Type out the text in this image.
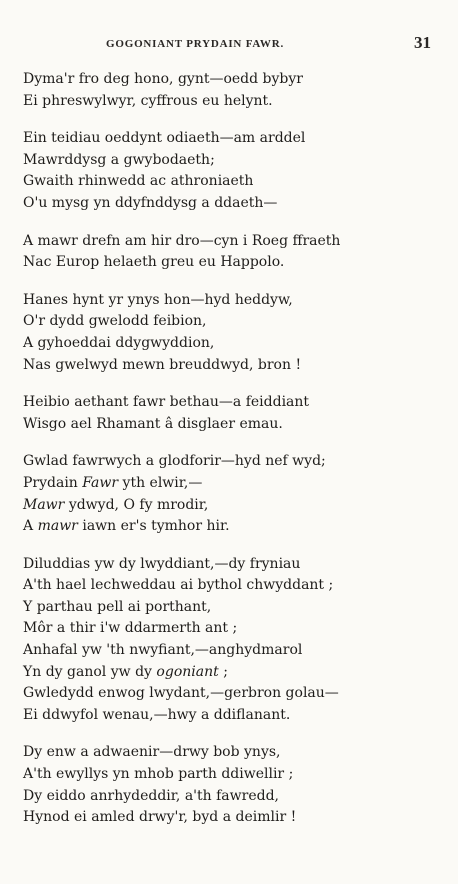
GOGONIANT PRYDAIN FAWR.	31
Dyma'r fro deg hono, gynt—oedd bybyr
Ei phreswylwyr, cyffrous eu helynt.
Ein teidiau oeddynt odiaeth—am arddel
Mawrddysg a gwybodaeth;
Gwaith rhinwedd ac athroniaeth
O'u mysg yn ddyfnddysg a ddaeth—
A mawr drefn am hir dro—cyn i Roeg ffraeth
Nac Europ helaeth greu eu Happolo.
Hanes hynt yr ynys hon—hyd heddyw,
O'r dydd gwelodd feibion,
A gyhoeddai ddygwyddion,
Nas gwelwyd mewn breuddwyd, bron !
Heibio aethant fawr bethau—a feiddiant
Wisgo ael Rhamant â disglaer emau.
Gwlad fawrwych a glodforir—hyd nef wyd;
Prydain Fawr yth elwir,—
Mawr ydwyd, O fy mrodir,
A mawr iawn er's tymhor hir.
Diluddias yw dy lwyddiant,—dy fryniau
A'th hael lechweddau ai bythol chwyddant ;
Y parthau pell ai porthant,
Môr a thir i'w ddarmerth ant ;
Anhafal yw 'th nwyfiant,—anghydmarol
Yn dy ganol yw dy ogoniant ;
Gwledydd enwog lwydant,—gerbron golau—
Ei ddwyfol wenau,—hwy a ddiflanant.
Dy enw a adwaenir—drwy bob ynys,
A'th ewyllys yn mhob parth ddiwellir ;
Dy eiddo anrhydeddir, a'th fawredd,
Hynod ei amled drwy'r, byd a deimlir !
